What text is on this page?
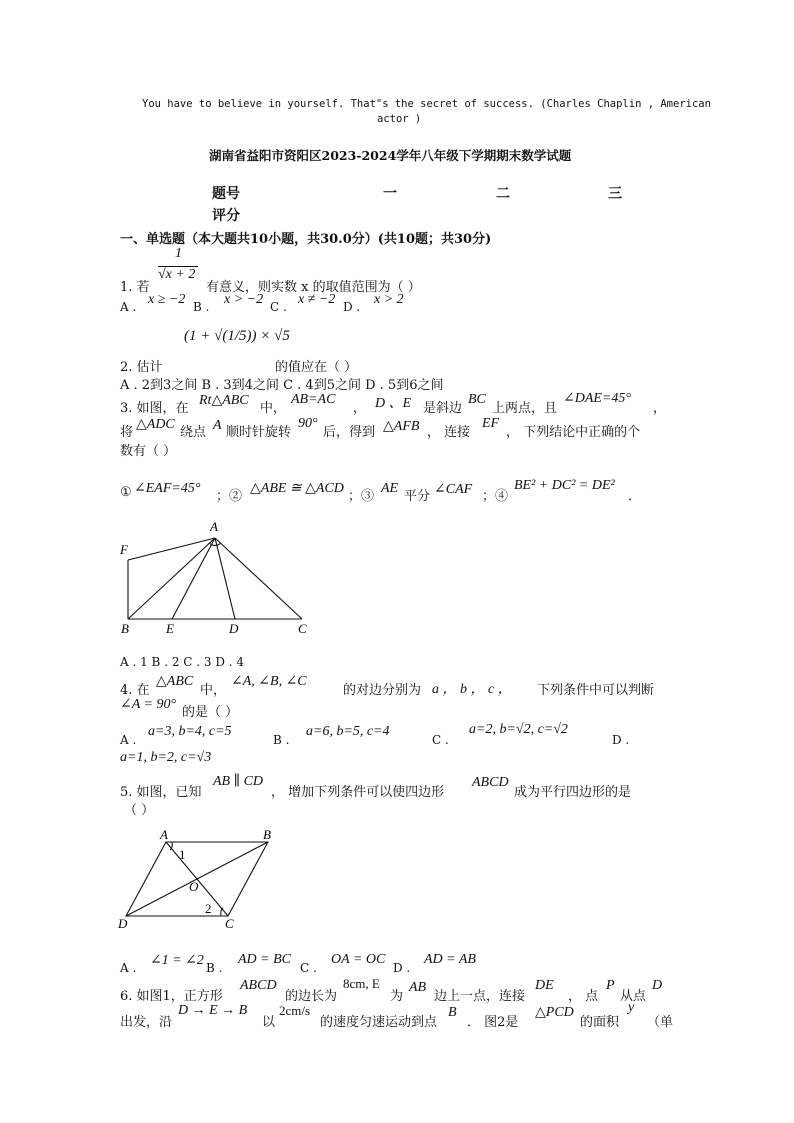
You have to believe in yourself. That"s the secret of success. (Charles Chaplin , American
actor )
湖南省益阳市资阳区2023-2024学年八年级下学期期末数学试题
题号	一	二	三
评分
一、单选题（本大题共10小题，共30.0分）(共10题；共30分)
1. 若
1
√x + 2
有意义，则实数 x 的取值范围为（ ）
A . x ≥ −2 B . x > −2 C . x ≠ −2 D . x > 2
2. 估计
(1 + √(1/5)) × √5
的值应在（ ）
A . 2到3之间 B . 3到4之间 C . 4到5之间 D . 5到6之间
3. 如图，在
Rt△ABC
中，
AB=AC
， D 、E 是斜边
BC
上两点，且
∠DAE=45°
，
将
△ADC
绕点 A 顺时针旋转
90°
后，得到 △AFB ， 连接
EF
， 下列结论中正确的个
数有（ ）
① ∠EAF=45°
；②
△ABE ≅ △ACD
；③
AE
平分 ∠CAF ；④
BE² + DC² = DE²
．
A
F
B	E	D	C
A . 1 B . 2 C . 3 D . 4
4. 在
△ABC
中，
∠A, ∠B, ∠C
的对边分别为 a ， b ， c ， 下列条件中可以判断
∠A = 90°
的是（ ）
A .
a=3, b=4, c=5
B .
a=6, b=5, c=4
C .
a=2, b=√2, c=√2
D .
a=1, b=2, c=√3
5. 如图，已知
AB ∥ CD
， 增加下列条件可以使四边形
ABCD
成为平行四边形的是
（ ）
A	B
C
D
O
1
2
A . ∠1 = ∠2 B .
AD = BC
C .
OA = OC
D .
AD = AB
6. 如图1，正方形
ABCD
的边长为
8cm, E
为
AB
边上一点，连接
DE
， 点
P
从点
D
出发，沿
D → E → B
以
2cm/s
的速度匀速运动到点
B
． 图2是
△PCD
的面积
y
（单
